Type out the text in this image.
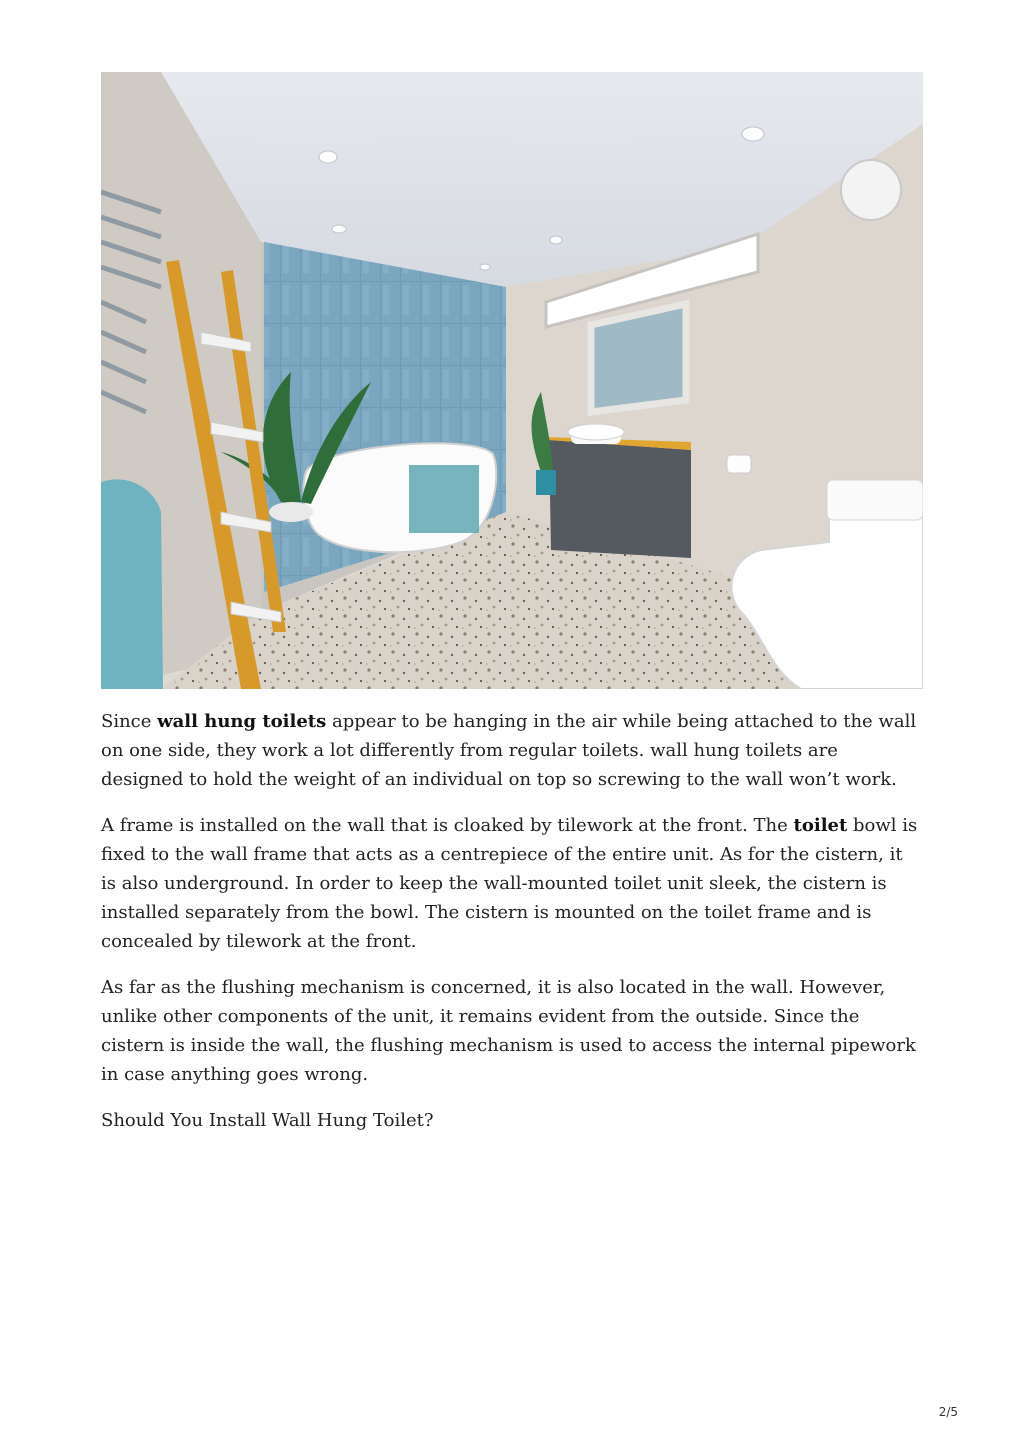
Since wall hung toilets appear to be hanging in the air while being attached to the wall on one side, they work a lot differently from regular toilets. wall hung toilets are designed to hold the weight of an individual on top so screwing to the wall won’t work.

A frame is installed on the wall that is cloaked by tilework at the front. The toilet bowl is fixed to the wall frame that acts as a centrepiece of the entire unit. As for the cistern, it is also underground. In order to keep the wall-mounted toilet unit sleek, the cistern is installed separately from the bowl. The cistern is mounted on the toilet frame and is concealed by tilework at the front.

As far as the flushing mechanism is concerned, it is also located in the wall. However, unlike other components of the unit, it remains evident from the outside. Since the cistern is inside the wall, the flushing mechanism is used to access the internal pipework in case anything goes wrong.

Should You Install Wall Hung Toilet?

2/5
